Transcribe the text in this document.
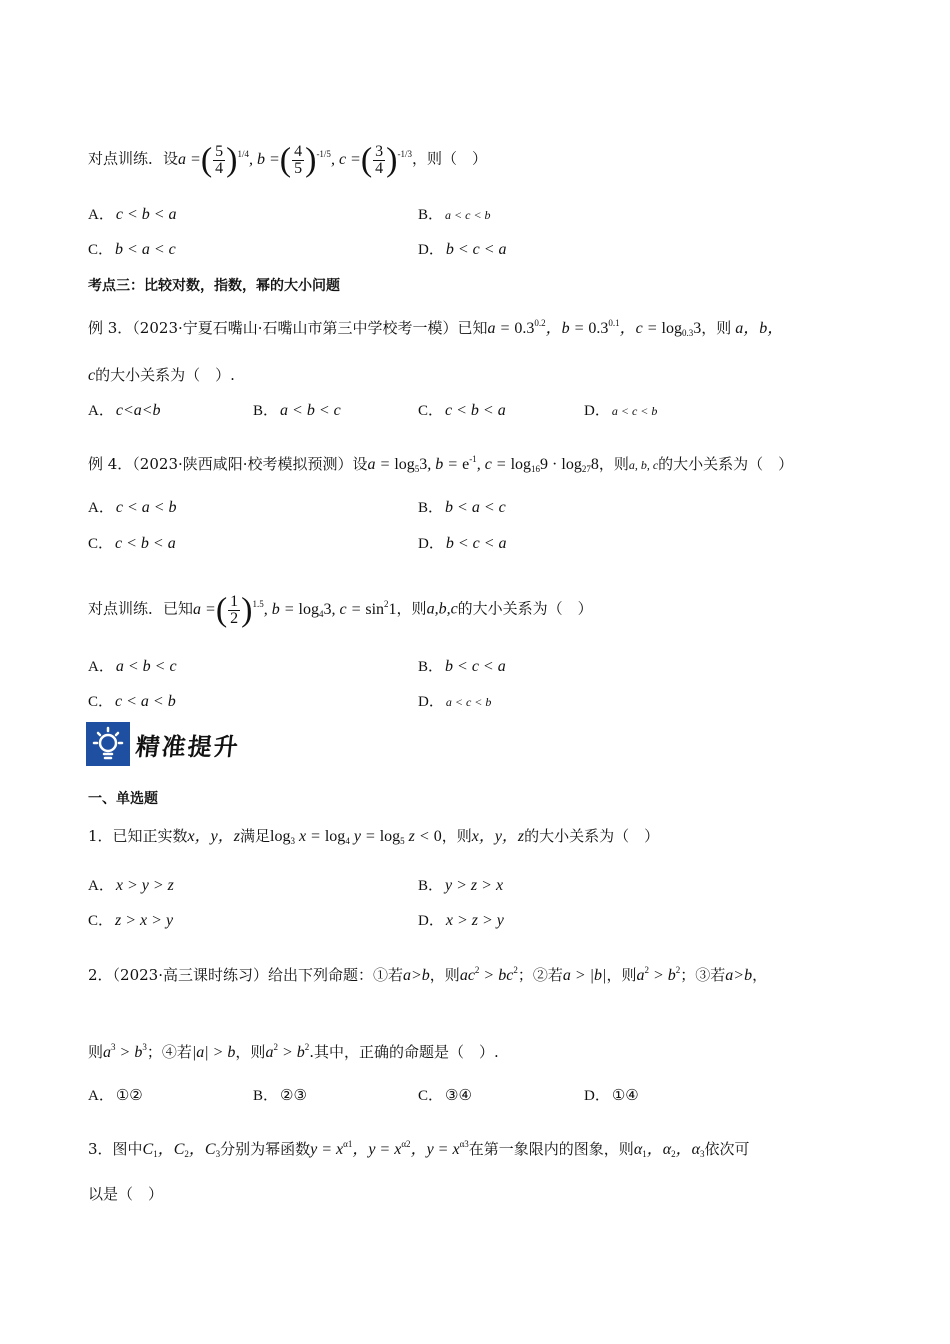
对点训练．设a =( $\frac{5}{4} )^{1/4}$, b =( $\frac{4}{5} )^{-1/5}$, c =( $\frac{3}{4} )^{-1/3}$，则（　）
A． c < b < a	B． a < c < b
C． b < a < c	D． b < c < a
考点三：比较对数，指数，幂的大小问题
例 3．（2023·宁夏石嘴山·石嘴山市第三中学校考一模）已知$a = 0.3^{0.2}$，$b = 0.3^{0.1}$，$c = \log_{0.3}3$，则 a，b，
c的大小关系为（　）.
A． c<a<b	B． a < b < c	C． c < b < a	D． a < c < b
例 4．（2023·陕西咸阳·校考模拟预测）设$a = \log_53$, $b = e^{-1}$, $c = \log_{16}9 \cdot \log_{27}8$，则a, b, c的大小关系为（　）
A． c < a < b	B． b < a < c
C． c < b < a	D． b < c < a
对点训练．已知a =( $\frac{1}{2} )^{1.5}$, $b = \log_43$, $c = \sin^21$，则a,b,c的大小关系为（　）
A． a < b < c	B． b < c < a
C． c < a < b	D． a < c < b
精准提升
一、单选题
1．已知正实数x，y，z满足$\log_3 x = \log_4 y = \log_5 z < 0$，则x，y，z的大小关系为（　）
A． x > y > z	B． y > z > x
C． z > x > y	D． x > z > y
2．（2023·高三课时练习）给出下列命题：①若a>b，则$ac^2 > bc^2$；②若a > |b|，则$a^2 > b^2$；③若a>b，
则$a^3 > b^3$；④若|a| > b，则$a^2 > b^2$.其中，正确的命题是（　）.
A． ①②	B． ②③	C． ③④	D． ①④
3．图中$C_1$，$C_2$，$C_3$分别为幂函数$y = x^{\alpha 1}$，$y = x^{\alpha 2}$，$y = x^{\alpha 3}$在第一象限内的图象，则$\alpha_1$，$\alpha_2$，$\alpha_3$依次可
以是（　）
